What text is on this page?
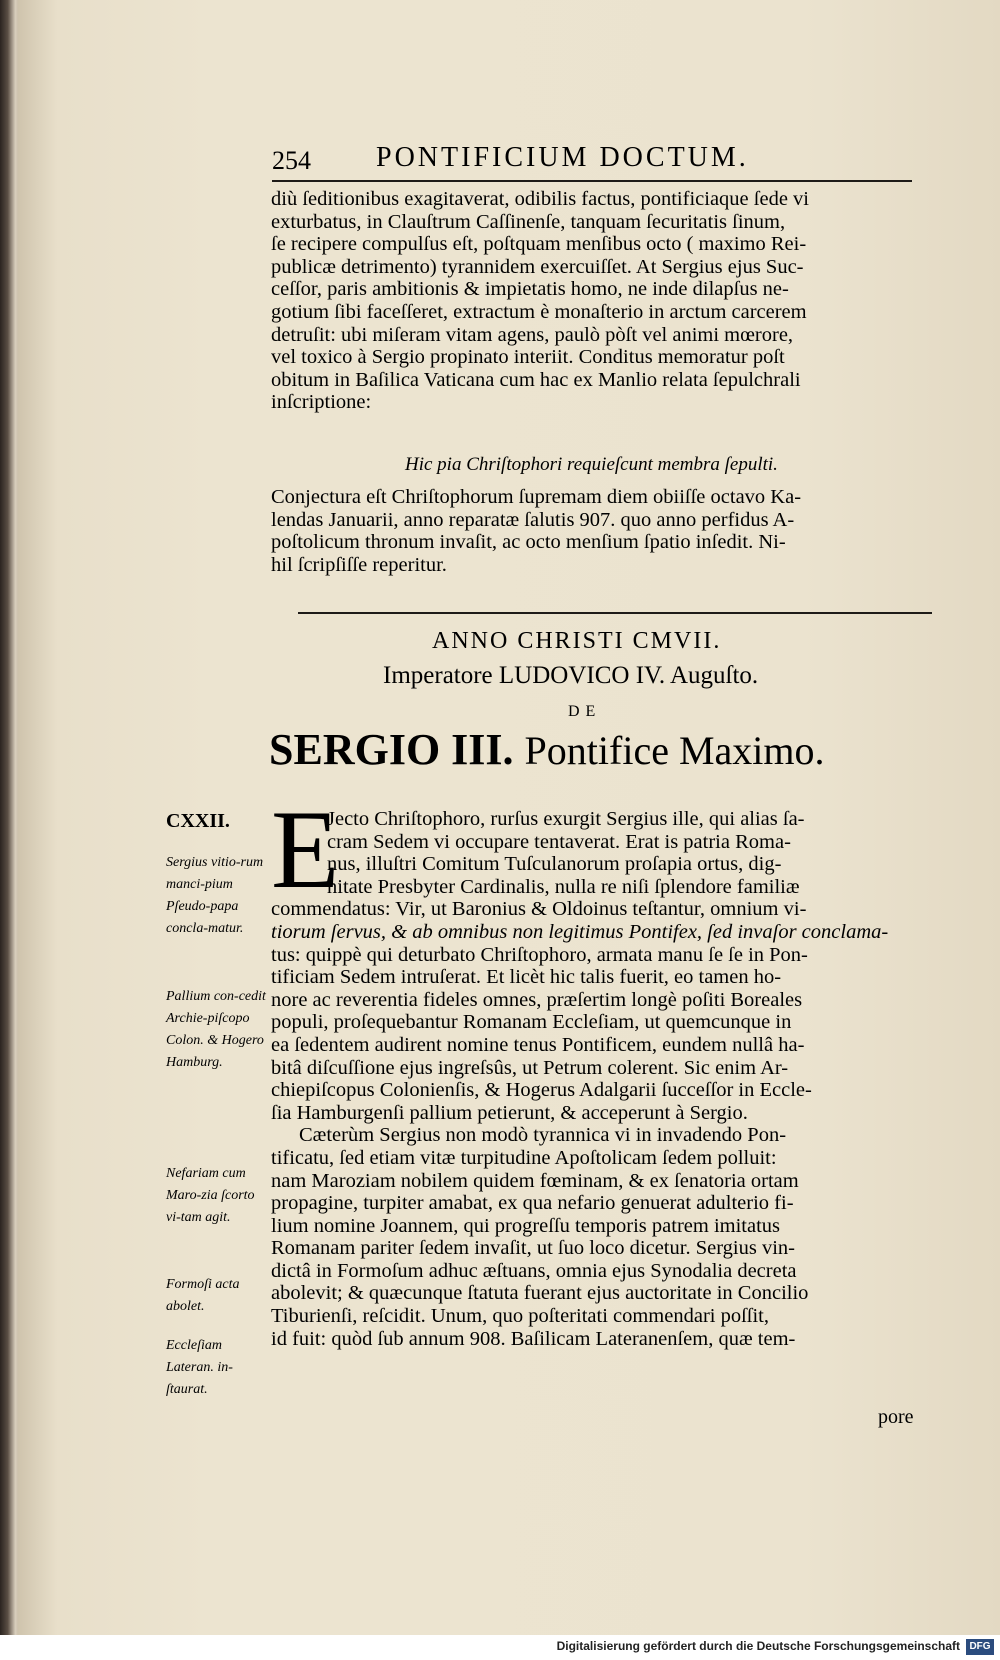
254 PONTIFICIUM DOCTUM.
diù ſeditionibus exagitaverat, odibilis factus, pontificiaque ſede vi
exturbatus, in Clauſtrum Caſſinenſe, tanquam ſecuritatis ſinum,
ſe recipere compulſus eſt, poſtquam menſibus octo ( maximo Rei-
publicæ detrimento) tyrannidem exercuiſſet. At Sergius ejus Suc-
ceſſor, paris ambitionis & impietatis homo, ne inde dilapſus ne-
gotium ſibi faceſſeret, extractum è monaſterio in arctum carcerem
detruſit: ubi miſeram vitam agens, paulò pòſt vel animi mœrore,
vel toxico à Sergio propinato interiit. Conditus memoratur poſt
obitum in Baſilica Vaticana cum hac ex Manlio relata ſepulchrali
inſcriptione:
Hic pia Chriſtophori requieſcunt membra ſepulti.
Conjectura eſt Chriſtophorum ſupremam diem obiiſſe octavo Ka-
lendas Januarii, anno reparatæ ſalutis 907. quo anno perfidus A-
poſtolicum thronum invaſit, ac octo menſium ſpatio inſedit. Ni-
hil ſcripſiſſe reperitur.
ANNO CHRISTI CMVII.
Imperatore LUDOVICO IV. Auguſto.
DE
SERGIO III. Pontifice Maximo.
CXXII.
Sergius vitio-rum manci-pium Pſeudo-papa concla-matur.
Pallium con-cedit Archie-piſcopo Colon. & Hogero Hamburg.
Nefariam cum Maro-zia ſcorto vi-tam agit.
Formoſi acta abolet.
Eccleſiam Lateran. in-ſtaurat.
E
Jecto Chriſtophoro, rurſus exurgit Sergius ille, qui alias ſa-
cram Sedem vi occupare tentaverat. Erat is patria Roma-
nus, illuſtri Comitum Tuſculanorum proſapia ortus, dig-
nitate Presbyter Cardinalis, nulla re niſi ſplendore familiæ
commendatus: Vir, ut Baronius & Oldoinus teſtantur, omnium vi-
tiorum ſervus, & ab omnibus non legitimus Pontifex, ſed invaſor conclama-
tus: quippè qui deturbato Chriſtophoro, armata manu ſe ſe in Pon-
tificiam Sedem intruſerat. Et licèt hic talis fuerit, eo tamen ho-
nore ac reverentia fideles omnes, præſertim longè poſiti Boreales
populi, proſequebantur Romanam Eccleſiam, ut quemcunque in
ea ſedentem audirent nomine tenus Pontificem, eundem nullâ ha-
bitâ diſcuſſione ejus ingreſsûs, ut Petrum colerent. Sic enim Ar-
chiepiſcopus Colonienſis, & Hogerus Adalgarii ſucceſſor in Eccle-
ſia Hamburgenſi pallium petierunt, & acceperunt à Sergio.
Cæterùm Sergius non modò tyrannica vi in invadendo Pon-
tificatu, ſed etiam vitæ turpitudine Apoſtolicam ſedem polluit:
nam Maroziam nobilem quidem fœminam, & ex ſenatoria ortam
propagine, turpiter amabat, ex qua nefario genuerat adulterio fi-
lium nomine Joannem, qui progreſſu temporis patrem imitatus
Romanam pariter ſedem invaſit, ut ſuo loco dicetur. Sergius vin-
dictâ in Formoſum adhuc æſtuans, omnia ejus Synodalia decreta
abolevit; & quæcunque ſtatuta fuerant ejus auctoritate in Concilio
Tiburienſi, reſcidit. Unum, quo poſteritati commendari poſſit,
id fuit: quòd ſub annum 908. Baſilicam Lateranenſem, quæ tem-
pore
Digitalisierung gefördert durch die Deutsche Forschungsgemeinschaft DFG
